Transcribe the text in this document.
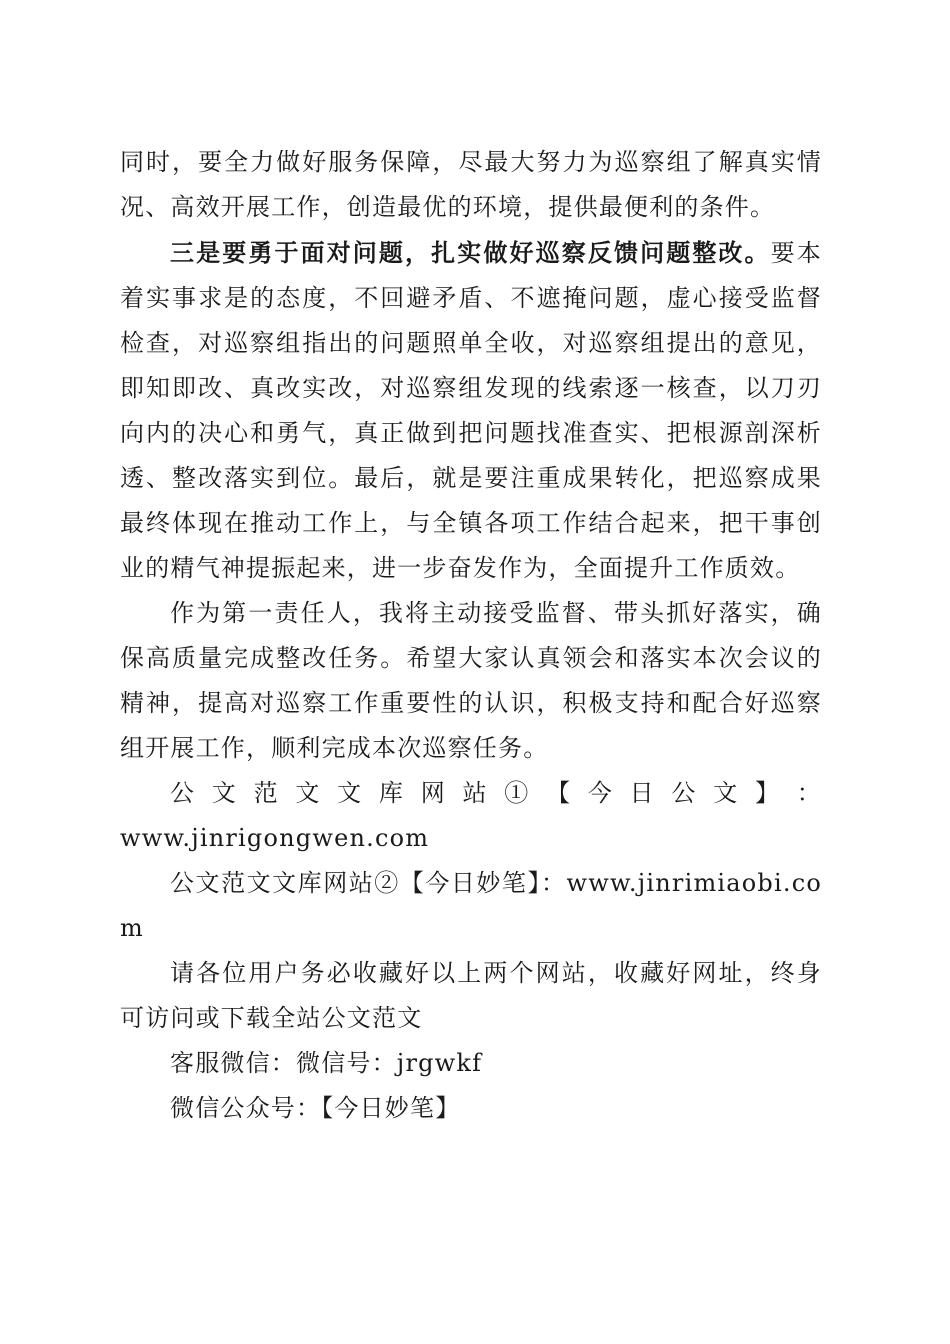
同时，要全力做好服务保障，尽最大努力为巡察组了解真实情况、高效开展工作，创造最优的环境，提供最便利的条件。

三是要勇于面对问题，扎实做好巡察反馈问题整改。要本着实事求是的态度，不回避矛盾、不遮掩问题，虚心接受监督检查，对巡察组指出的问题照单全收，对巡察组提出的意见，即知即改、真改实改，对巡察组发现的线索逐一核查，以刀刃向内的决心和勇气，真正做到把问题找准查实、把根源剖深析透、整改落实到位。最后，就是要注重成果转化，把巡察成果最终体现在推动工作上，与全镇各项工作结合起来，把干事创业的精气神提振起来，进一步奋发作为，全面提升工作质效。

作为第一责任人，我将主动接受监督、带头抓好落实，确保高质量完成整改任务。希望大家认真领会和落实本次会议的精神，提高对巡察工作重要性的认识，积极支持和配合好巡察组开展工作，顺利完成本次巡察任务。

公 文 范 文 文 库 网 站 ① 【 今 日 公 文 】 ：

www.jinrigongwen.com

公文范文文库网站②【今日妙笔】：www.jinrimiaobi.com

请各位用户务必收藏好以上两个网站，收藏好网址，终身可访问或下载全站公文范文

客服微信：微信号：jrgwkf

微信公众号：【今日妙笔】
